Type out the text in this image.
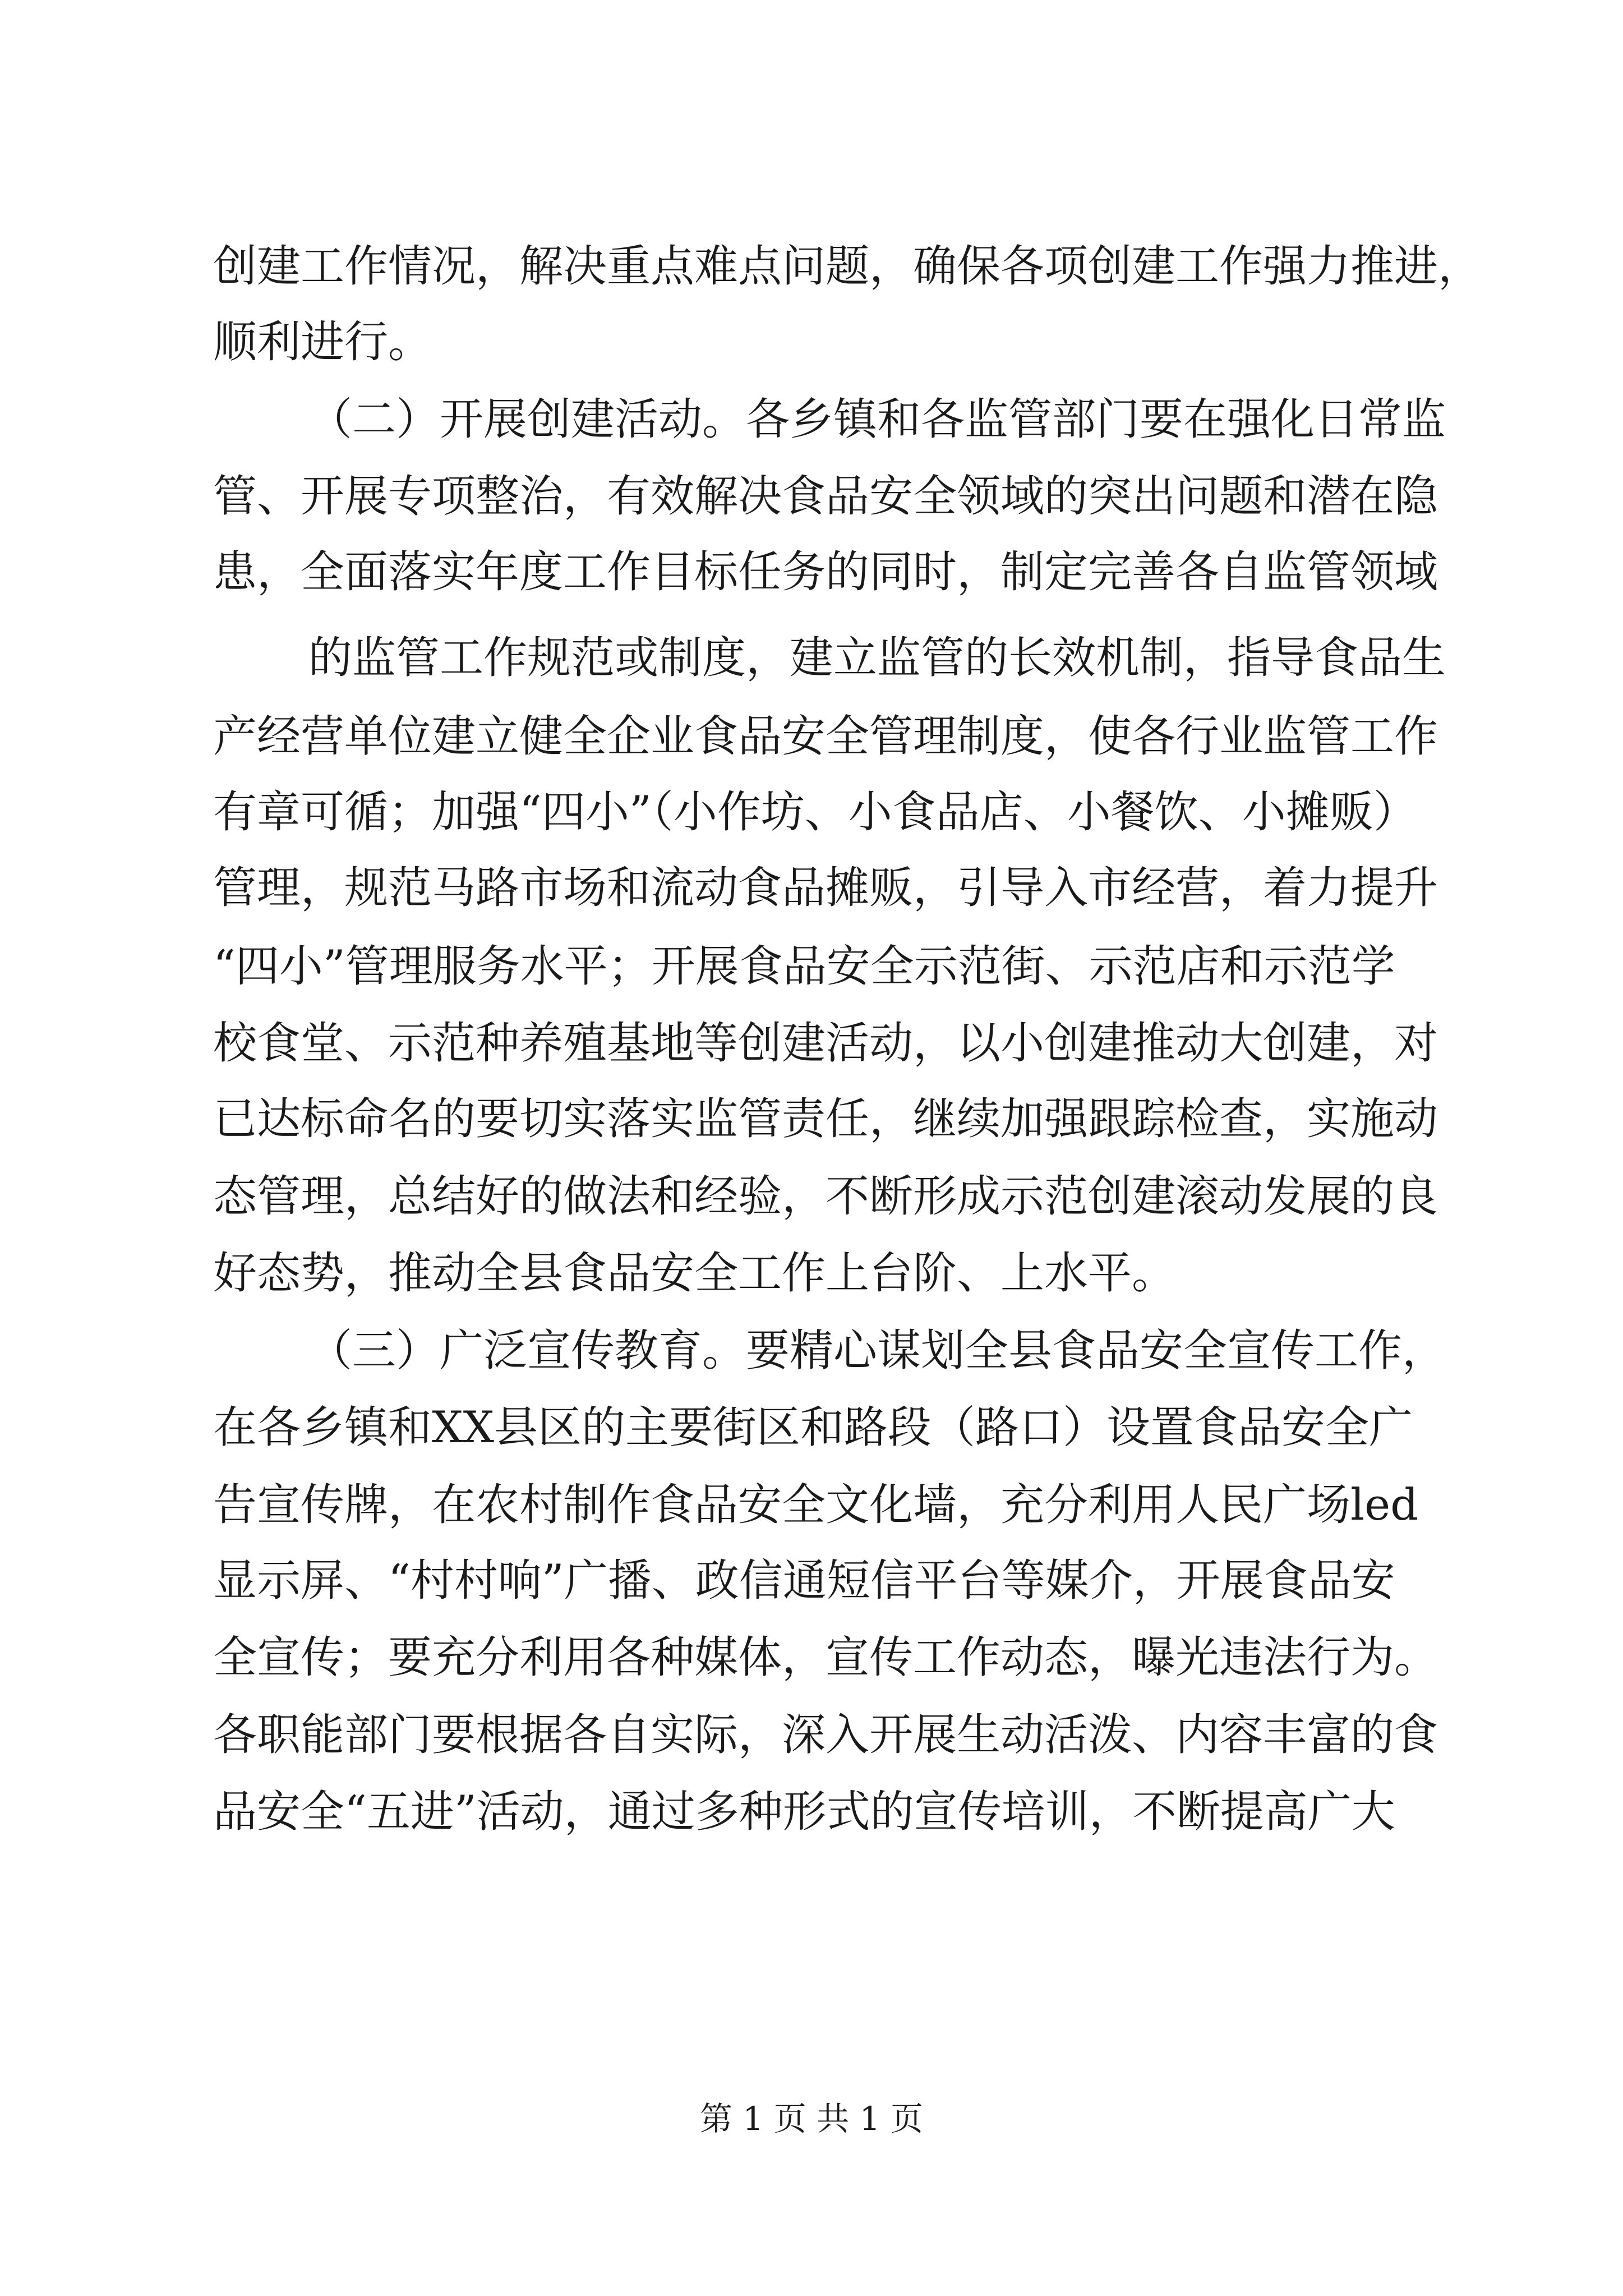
创建工作情况，解决重点难点问题，确保各项创建工作强力推进，
顺利进行。
（二）开展创建活动。各乡镇和各监管部门要在强化日常监
管、开展专项整治，有效解决食品安全领域的突出问题和潜在隐
患，全面落实年度工作目标任务的同时，制定完善各自监管领域
的监管工作规范或制度，建立监管的长效机制，指导食品生
产经营单位建立健全企业食品安全管理制度，使各行业监管工作
有章可循；加强“四小”（小作坊、小食品店、小餐饮、小摊贩）
管理，规范马路市场和流动食品摊贩，引导入市经营，着力提升
“四小”管理服务水平；开展食品安全示范街、示范店和示范学
校食堂、示范种养殖基地等创建活动，以小创建推动大创建，对
已达标命名的要切实落实监管责任，继续加强跟踪检查，实施动
态管理，总结好的做法和经验，不断形成示范创建滚动发展的良
好态势，推动全县食品安全工作上台阶、上水平。
（三）广泛宣传教育。要精心谋划全县食品安全宣传工作，
在各乡镇和XX县区的主要街区和路段（路口）设置食品安全广
告宣传牌，在农村制作食品安全文化墙，充分利用人民广场led
显示屏、“村村响”广播、政信通短信平台等媒介，开展食品安
全宣传；要充分利用各种媒体，宣传工作动态，曝光违法行为。
各职能部门要根据各自实际，深入开展生动活泼、内容丰富的食
品安全“五进”活动，通过多种形式的宣传培训，不断提高广大
第 1 页 共 1 页
